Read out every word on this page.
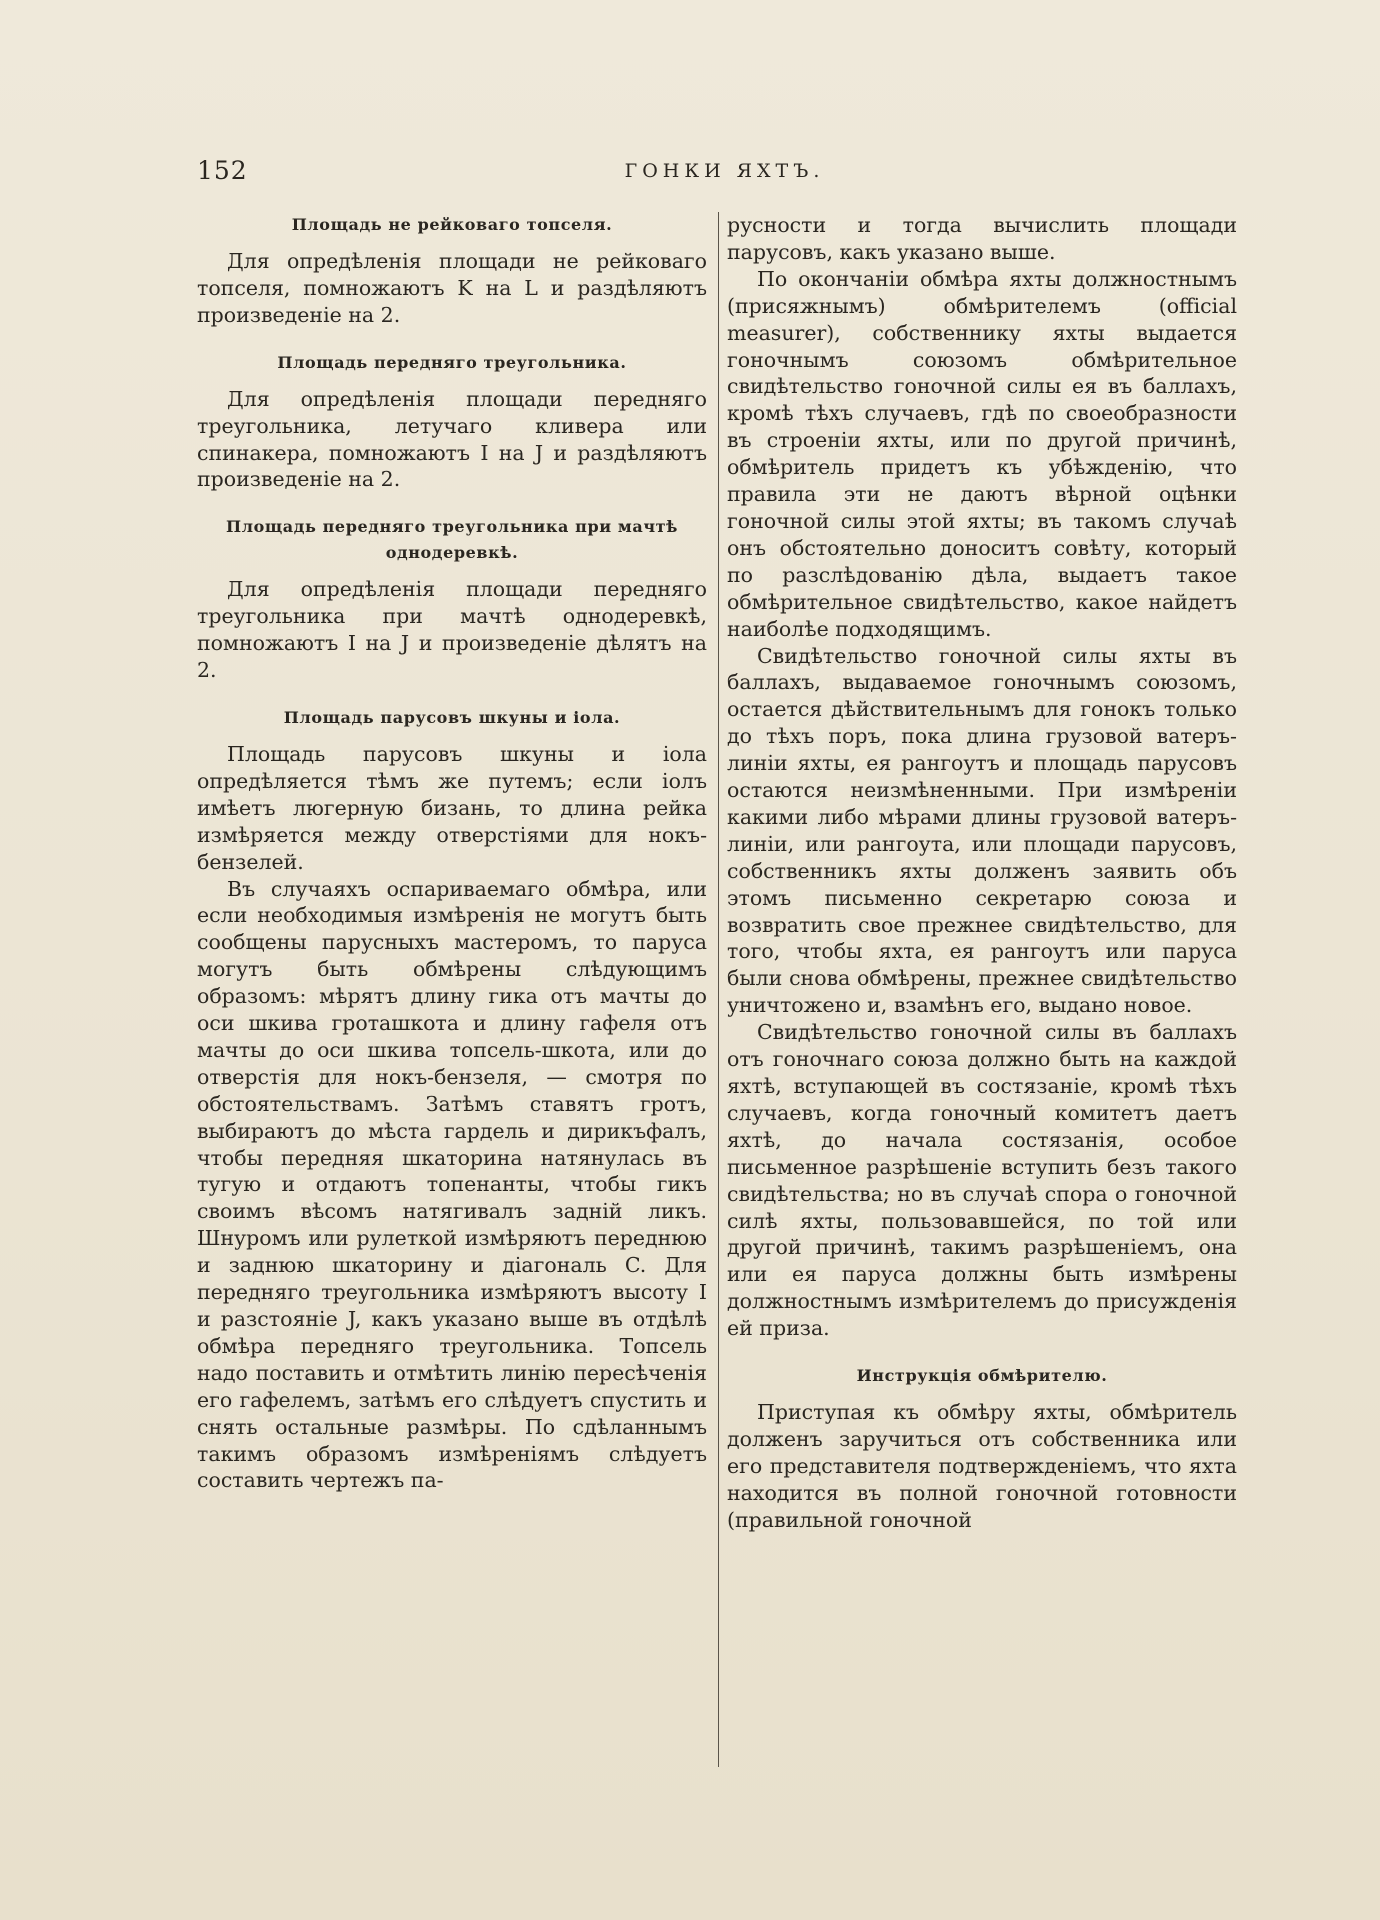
152	ГОНКИ ЯХТЪ.
Площадь не рейковаго топселя.

Для опредѣленія площади не рейковаго топселя, помножаютъ K на L и раздѣляютъ произведеніе на 2.

Площадь передняго треугольника.

Для опредѣленія площади передняго треугольника, летучаго кливера или спинакера, помножаютъ I на J и раздѣляютъ произведеніе на 2.

Площадь передняго треугольника при мачтѣ однодеревкѣ.

Для опредѣленія площади передняго треугольника при мачтѣ однодеревкѣ, помножаютъ I на J и произведеніе дѣлятъ на 2.

Площадь парусовъ шкуны и іола.

Площадь парусовъ шкуны и іола опредѣляется тѣмъ же путемъ; если іолъ имѣетъ люгерную бизань, то длина рейка измѣряется между отверстіями для нокъ-бензелей.

Въ случаяхъ оспариваемаго обмѣра, или если необходимыя измѣренія не могутъ быть сообщены парусныхъ мастеромъ, то паруса могутъ быть обмѣрены слѣдующимъ образомъ: мѣрятъ длину гика отъ мачты до оси шкива гроташкота и длину гафеля отъ мачты до оси шкива топсель-шкота, или до отверстія для нокъ-бензеля, — смотря по обстоятельствамъ. Затѣмъ ставятъ гротъ, выбираютъ до мѣста гардель и дирикъфалъ, чтобы передняя шкаторина натянулась въ тугую и отдаютъ топенанты, чтобы гикъ своимъ вѣсомъ натягивалъ задній ликъ. Шнуромъ или рулеткой измѣряютъ переднюю и заднюю шкаторину и діагональ C. Для передняго треугольника измѣряютъ высоту I и разстояніе J, какъ указано выше въ отдѣлѣ обмѣра передняго треугольника. Топсель надо поставить и отмѣтить линію пересѣченія его гафелемъ, затѣмъ его слѣдуетъ спустить и снять остальные размѣры. По сдѣланнымъ такимъ образомъ измѣреніямъ слѣдуетъ составить чертежъ па-

русности и тогда вычислить площади парусовъ, какъ указано выше.

По окончаніи обмѣра яхты должностнымъ (присяжнымъ) обмѣрителемъ (official measurer), собственнику яхты выдается гоночнымъ союзомъ обмѣрительное свидѣтельство гоночной силы ея въ баллахъ, кромѣ тѣхъ случаевъ, гдѣ по своеобразности въ строеніи яхты, или по другой причинѣ, обмѣритель придетъ къ убѣжденію, что правила эти не даютъ вѣрной оцѣнки гоночной силы этой яхты; въ такомъ случаѣ онъ обстоятельно доноситъ совѣту, который по разслѣдованію дѣла, выдаетъ такое обмѣрительное свидѣтельство, какое найдетъ наиболѣе подходящимъ.

Свидѣтельство гоночной силы яхты въ баллахъ, выдаваемое гоночнымъ союзомъ, остается дѣйствительнымъ для гонокъ только до тѣхъ поръ, пока длина грузовой ватеръ-линіи яхты, ея рангоутъ и площадь парусовъ остаются неизмѣненными. При измѣреніи какими либо мѣрами длины грузовой ватеръ-линіи, или рангоута, или площади парусовъ, собственникъ яхты долженъ заявить объ этомъ письменно секретарю союза и возвратить свое прежнее свидѣтельство, для того, чтобы яхта, ея рангоутъ или паруса были снова обмѣрены, прежнее свидѣтельство уничтожено и, взамѣнъ его, выдано новое.

Свидѣтельство гоночной силы въ баллахъ отъ гоночнаго союза должно быть на каждой яхтѣ, вступающей въ состязаніе, кромѣ тѣхъ случаевъ, когда гоночный комитетъ даетъ яхтѣ, до начала состязанія, особое письменное разрѣшеніе вступить безъ такого свидѣтельства; но въ случаѣ спора о гоночной силѣ яхты, пользовавшейся, по той или другой причинѣ, такимъ разрѣшеніемъ, она или ея паруса должны быть измѣрены должностнымъ измѣрителемъ до присужденія ей приза.

Инструкція обмѣрителю.

Приступая къ обмѣру яхты, обмѣритель долженъ заручиться отъ собственника или его представителя подтвержденіемъ, что яхта находится въ полной гоночной готовности (правильной гоночной
